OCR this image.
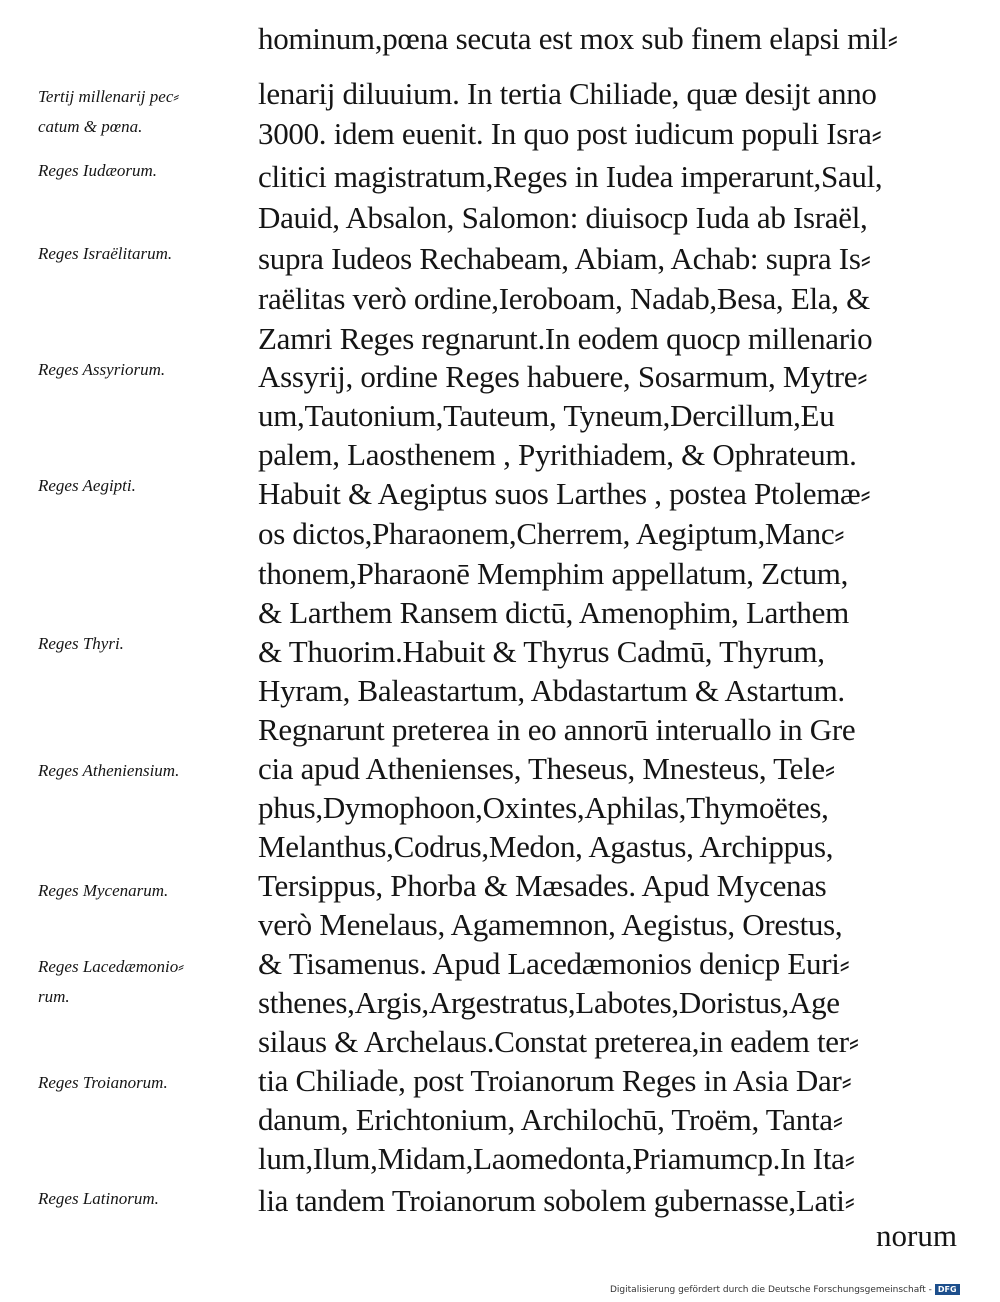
hominum,pœna secuta est mox sub finem elapsi mil⸗
lenarij diluuium. In tertia Chiliade, quæ desijt anno
3000. idem euenit. In quo post iudicum populi Isra⸗
clitici magistratum,Reges in Iudea imperarunt,Saul,
Dauid, Absalon, Salomon: diuisocp Iuda ab Israël,
supra Iudeos Rechabeam, Abiam, Achab: supra Is⸗
raëlitas verò ordine,Ieroboam, Nadab,Besa, Ela, &
Zamri Reges regnarunt.In eodem quocp millenario
Assyrij, ordine Reges habuere, Sosarmum, Mytre⸗
um,Tautonium,Tauteum, Tyneum,Dercillum,Eu
palem, Laosthenem , Pyrithiadem, & Ophrateum.
Habuit & Aegiptus suos Larthes , postea Ptolemæ⸗
os dictos,Pharaonem,Cherrem, Aegiptum,Manc⸗
thonem,Pharaonē Memphim appellatum, Zctum,
& Larthem Ransem dictū, Amenophim, Larthem
& Thuorim.Habuit & Thyrus Cadmū, Thyrum,
Hyram, Baleastartum, Abdastartum & Astartum.
Regnarunt preterea in eo annorū interuallo in Gre
cia apud Athenienses, Theseus, Mnesteus, Tele⸗
phus,Dymophoon,Oxintes,Aphilas,Thymoëtes,
Melanthus,Codrus,Medon, Agastus, Archippus,
Tersippus, Phorba & Mæsades. Apud Mycenas
verò Menelaus, Agamemnon, Aegistus, Orestus,
& Tisamenus. Apud Lacedæmonios denicp Euri⸗
sthenes,Argis,Argestratus,Labotes,Doristus,Age
silaus & Archelaus.Constat preterea,in eadem ter⸗
tia Chiliade, post Troianorum Reges in Asia Dar⸗
danum, Erichtonium, Archilochū, Troëm, Tanta⸗
lum,Ilum,Midam,Laomedonta,Priamumcp.In Ita⸗
lia tandem Troianorum sobolem gubernasse,Lati⸗
norum
Tertij millenarij pec⸗
catum & pœna.
Reges Iudæorum.
Reges Israëlitarum.
Reges Assyriorum.
Reges Aegipti.
Reges Thyri.
Reges Atheniensium.
Reges Mycenarum.
Reges Lacedæmonio⸗
rum.
Reges Troianorum.
Reges Latinorum.
Digitalisierung gefördert durch die Deutsche Forschungsgemeinschaft - DFG
